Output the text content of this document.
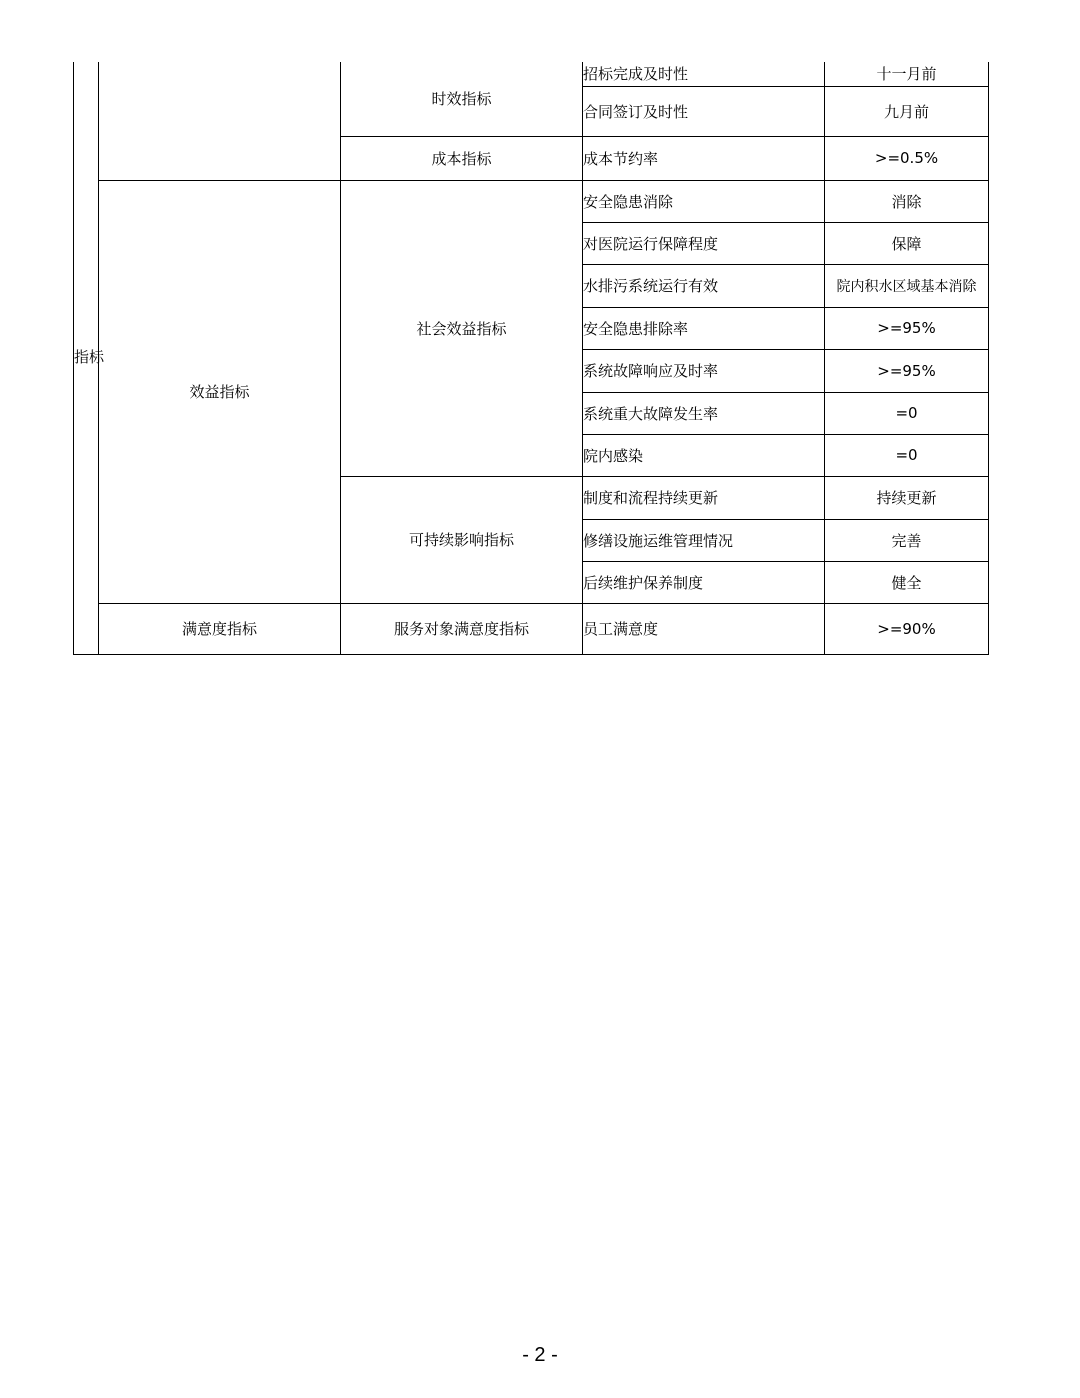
指标		时效指标	招标完成及时性	十一月前
			合同签订及时性	九月前
		成本指标	成本节约率	>=0.5%
	效益指标	社会效益指标	安全隐患消除	消除
			对医院运行保障程度	保障
			水排污系统运行有效	院内积水区域基本消除
			安全隐患排除率	>=95%
			系统故障响应及时率	>=95%
			系统重大故障发生率	=0
			院内感染	=0
		可持续影响指标	制度和流程持续更新	持续更新
			修缮设施运维管理情况	完善
			后续维护保养制度	健全
	满意度指标	服务对象满意度指标	员工满意度	>=90%
- 2 -
